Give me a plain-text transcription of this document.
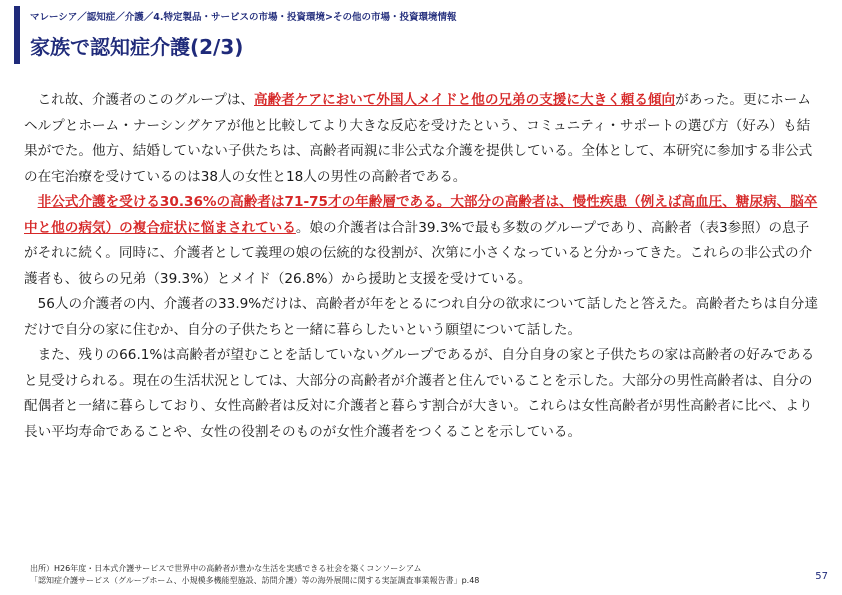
マレーシア／認知症／介護／4.特定製品・サービスの市場・投資環境>その他の市場・投資環境情報
家族で認知症介護(2/3)

これ故、介護者のこのグループは、高齢者ケアにおいて外国人メイドと他の兄弟の支援に大きく頼る傾向があった。更にホームヘルプとホーム・ナーシングケアが他と比較してより大きな反応を受けたという、コミュニティ・サポートの選び方（好み）も結果がでた。他方、結婚していない子供たちは、高齢者両親に非公式な介護を提供している。全体として、本研究に参加する非公式の在宅治療を受けているのは38人の女性と18人の男性の高齢者である。

非公式介護を受ける30.36%の高齢者は71-75才の年齢層である。大部分の高齢者は、慢性疾患（例えば高血圧、糖尿病、脳卒中と他の病気）の複合症状に悩まされている。娘の介護者は合計39.3%で最も多数のグループであり、高齢者（表3参照）の息子がそれに続く。同時に、介護者として義理の娘の伝統的な役割が、次第に小さくなっていると分かってきた。これらの非公式の介護者も、彼らの兄弟（39.3%）とメイド（26.8%）から援助と支援を受けている。

56人の介護者の内、介護者の33.9%だけは、高齢者が年をとるにつれ自分の欲求について話したと答えた。高齢者たちは自分達だけで自分の家に住むか、自分の子供たちと一緒に暮らしたいという願望について話した。

また、残りの66.1%は高齢者が望むことを話していないグループであるが、自分自身の家と子供たちの家は高齢者の好みであると見受けられる。現在の生活状況としては、大部分の高齢者が介護者と住んでいることを示した。大部分の男性高齢者は、自分の配偶者と一緒に暮らしており、女性高齢者は反対に介護者と暮らす割合が大きい。これらは女性高齢者が男性高齢者に比べ、より長い平均寿命であることや、女性の役割そのものが女性介護者をつくることを示している。

出所）H26年度・日本式介護サービスで世界中の高齢者が豊かな生活を実感できる社会を築くコンソーシアム
「認知症介護サービス（グループホーム、小規模多機能型施設、訪問介護）等の海外展開に関する実証調査事業報告書」p.48	57
